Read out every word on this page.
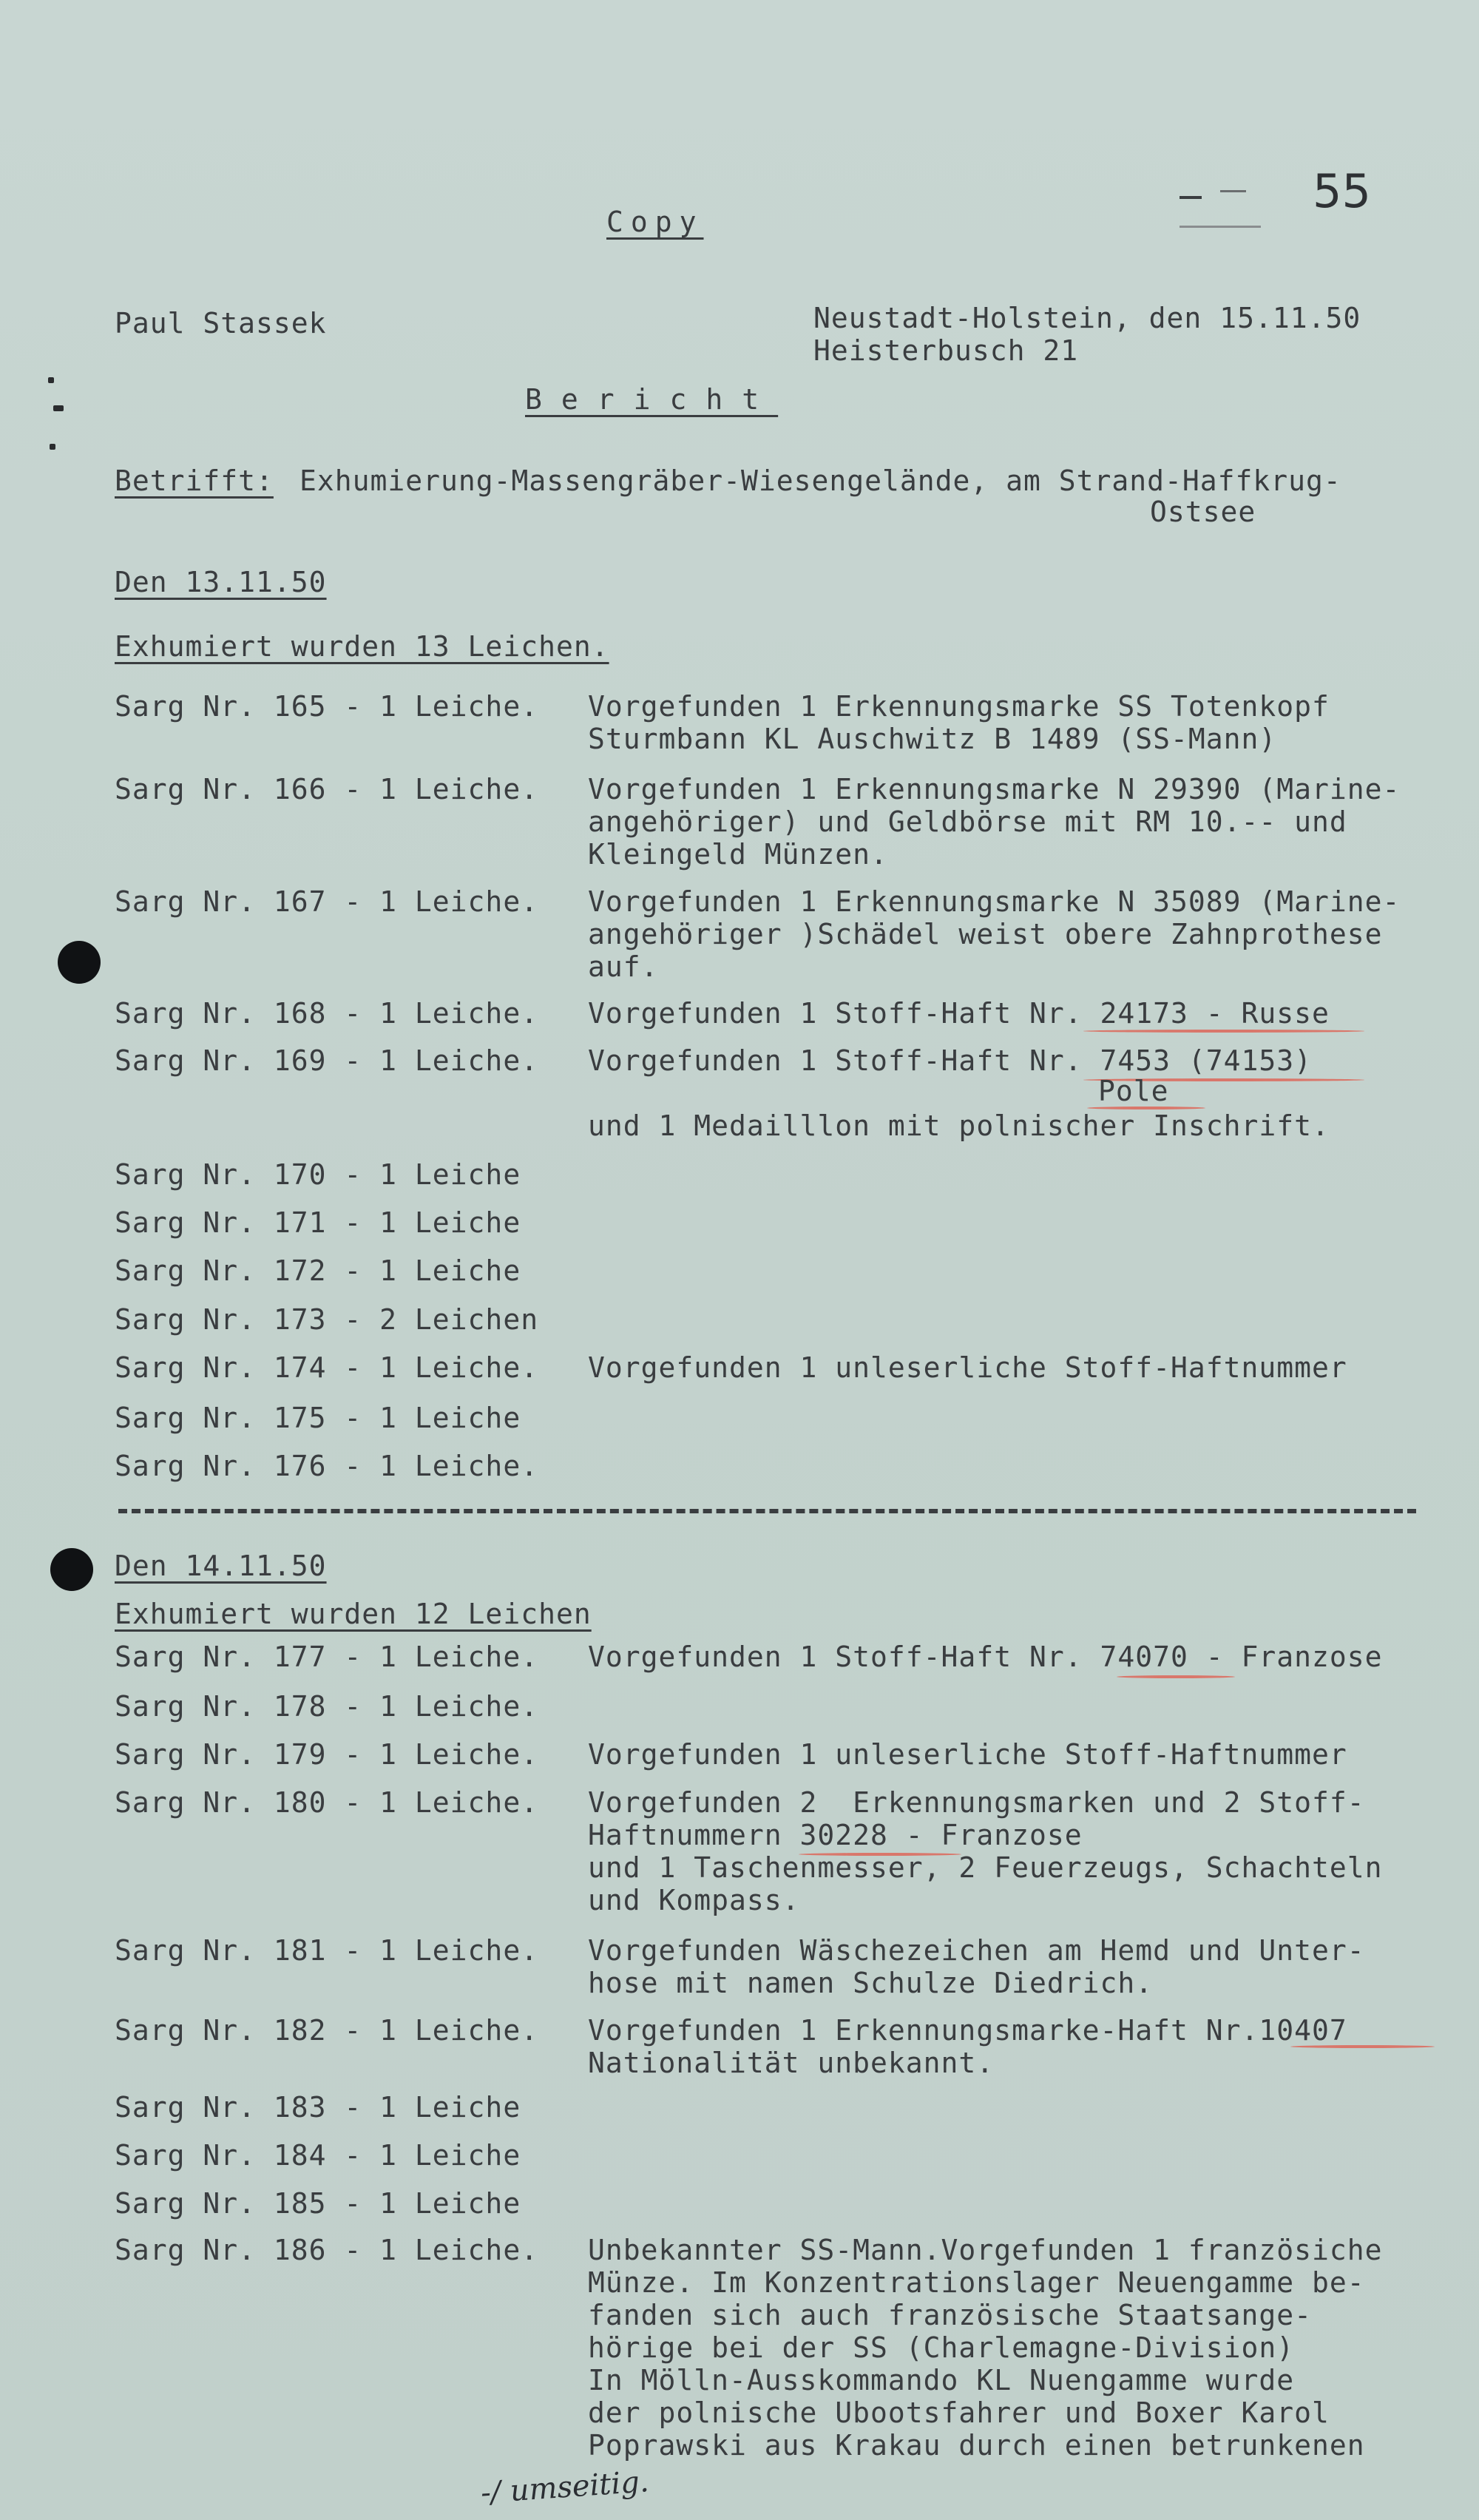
55
Copy
Paul Stassek	Neustadt-Holstein, den 15.11.50
Heisterbusch 21
Bericht
Betrifft: Exhumierung-Massengräber-Wiesengelände, am Strand-Haffkrug-
Ostsee
Den 13.11.50
Exhumiert wurden 13 Leichen.
Sarg Nr. 165 - 1 Leiche. Vorgefunden 1 Erkennungsmarke SS Totenkopf
Sturmbann KL Auschwitz B 1489 (SS-Mann)
Sarg Nr. 166 - 1 Leiche. Vorgefunden 1 Erkennungsmarke N 29390 (Marine-
angehöriger) und Geldbörse mit RM 10.-- und
Kleingeld Münzen.
Sarg Nr. 167 - 1 Leiche. Vorgefunden 1 Erkennungsmarke N 35089 (Marine-
angehöriger )Schädel weist obere Zahnprothese
auf.
Sarg Nr. 168 - 1 Leiche. Vorgefunden 1 Stoff-Haft Nr. 24173 - Russe
Sarg Nr. 169 - 1 Leiche. Vorgefunden 1 Stoff-Haft Nr. 7453 (74153)
Pole
und 1 Medailllon mit polnischer Inschrift.
Sarg Nr. 170 - 1 Leiche
Sarg Nr. 171 - 1 Leiche
Sarg Nr. 172 - 1 Leiche
Sarg Nr. 173 - 2 Leichen
Sarg Nr. 174 - 1 Leiche. Vorgefunden 1 unleserliche Stoff-Haftnummer
Sarg Nr. 175 - 1 Leiche
Sarg Nr. 176 - 1 Leiche.
Den 14.11.50
Exhumiert wurden 12 Leichen
Sarg Nr. 177 - 1 Leiche. Vorgefunden 1 Stoff-Haft Nr. 74070 - Franzose
Sarg Nr. 178 - 1 Leiche.
Sarg Nr. 179 - 1 Leiche. Vorgefunden 1 unleserliche Stoff-Haftnummer
Sarg Nr. 180 - 1 Leiche. Vorgefunden 2  Erkennungsmarken und 2 Stoff-
Haftnummern 30228 - Franzose
und 1 Taschenmesser, 2 Feuerzeugs, Schachteln
und Kompass.
Sarg Nr. 181 - 1 Leiche. Vorgefunden Wäschezeichen am Hemd und Unter-
hose mit namen Schulze Diedrich.
Sarg Nr. 182 - 1 Leiche. Vorgefunden 1 Erkennungsmarke-Haft Nr.10407
Nationalität unbekannt.
Sarg Nr. 183 - 1 Leiche
Sarg Nr. 184 - 1 Leiche
Sarg Nr. 185 - 1 Leiche
Sarg Nr. 186 - 1 Leiche. Unbekannter SS-Mann.Vorgefunden 1 französiche
Münze. Im Konzentrationslager Neuengamme be-
fanden sich auch französische Staatsange-
hörige bei der SS (Charlemagne-Division)
In Mölln-Ausskommando KL Nuengamme wurde
der polnische Ubootsfahrer und Boxer Karol
Poprawski aus Krakau durch einen betrunkenen
-/ umseitig.
